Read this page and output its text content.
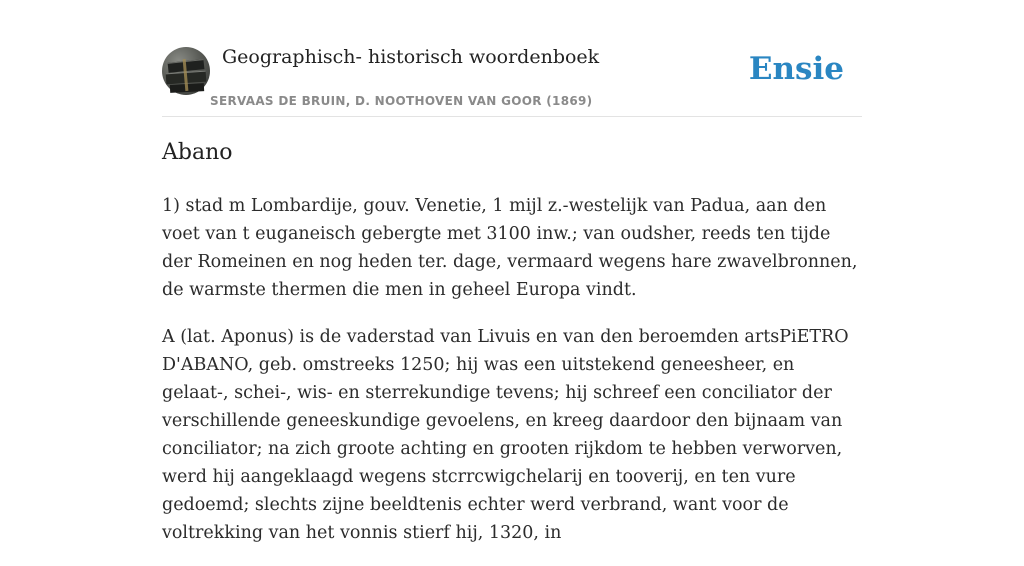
Geographisch- historisch woordenboek
SERVAAS DE BRUIN, D. NOOTHOVEN VAN GOOR (1869)
Ensie
Abano

1) stad m Lombardije, gouv. Venetie, 1 mijl z.-westelijk van Padua, aan den voet van t euganeisch gebergte met 3100 inw.; van oudsher, reeds ten tijde der Romeinen en nog heden ter. dage, vermaard wegens hare zwavelbronnen, de warmste thermen die men in geheel Europa vindt.

A (lat. Aponus) is de vaderstad van Livuis en van den beroemden artsPiETRO D'ABANO, geb. omstreeks 1250; hij was een uitstekend geneesheer, en gelaat-, schei-, wis- en sterrekundige tevens; hij schreef een conciliator der verschillende geneeskundige gevoelens, en kreeg daardoor den bijnaam van conciliator; na zich groote achting en grooten rijkdom te hebben verworven, werd hij aangeklaagd wegens stcrrcwigchelarij en tooverij, en ten vure gedoemd; slechts zijne beeldtenis echter werd verbrand, want voor de voltrekking van het vonnis stierf hij, 1320, in
